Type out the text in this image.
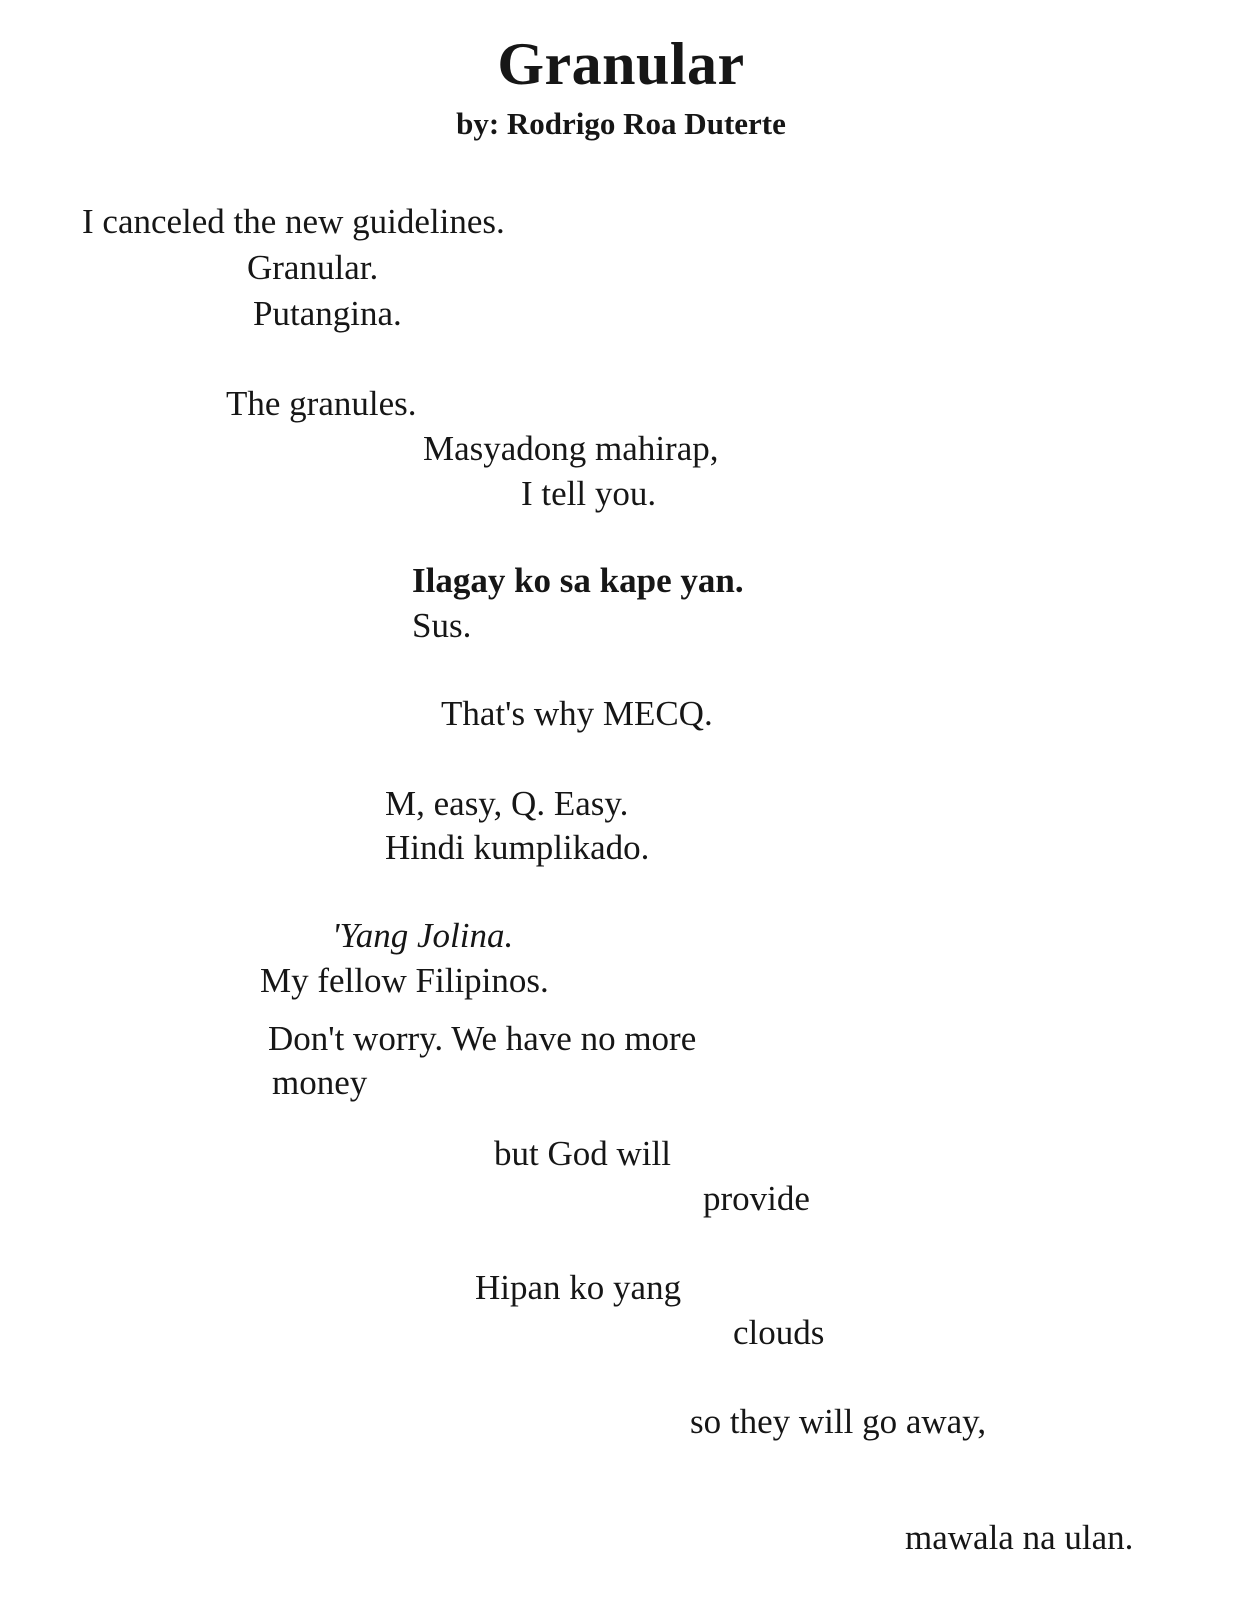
Granular
by: Rodrigo Roa Duterte
I canceled the new guidelines.
Granular.
Putangina.
The granules.
Masyadong mahirap,
I tell you.
Ilagay ko sa kape yan.
Sus.
That's why MECQ.
M, easy, Q. Easy.
Hindi kumplikado.
'Yang Jolina.
My fellow Filipinos.
Don't worry. We have no more
money
but God will
provide
Hipan ko yang
clouds
so they will go away,
mawala na ulan.
